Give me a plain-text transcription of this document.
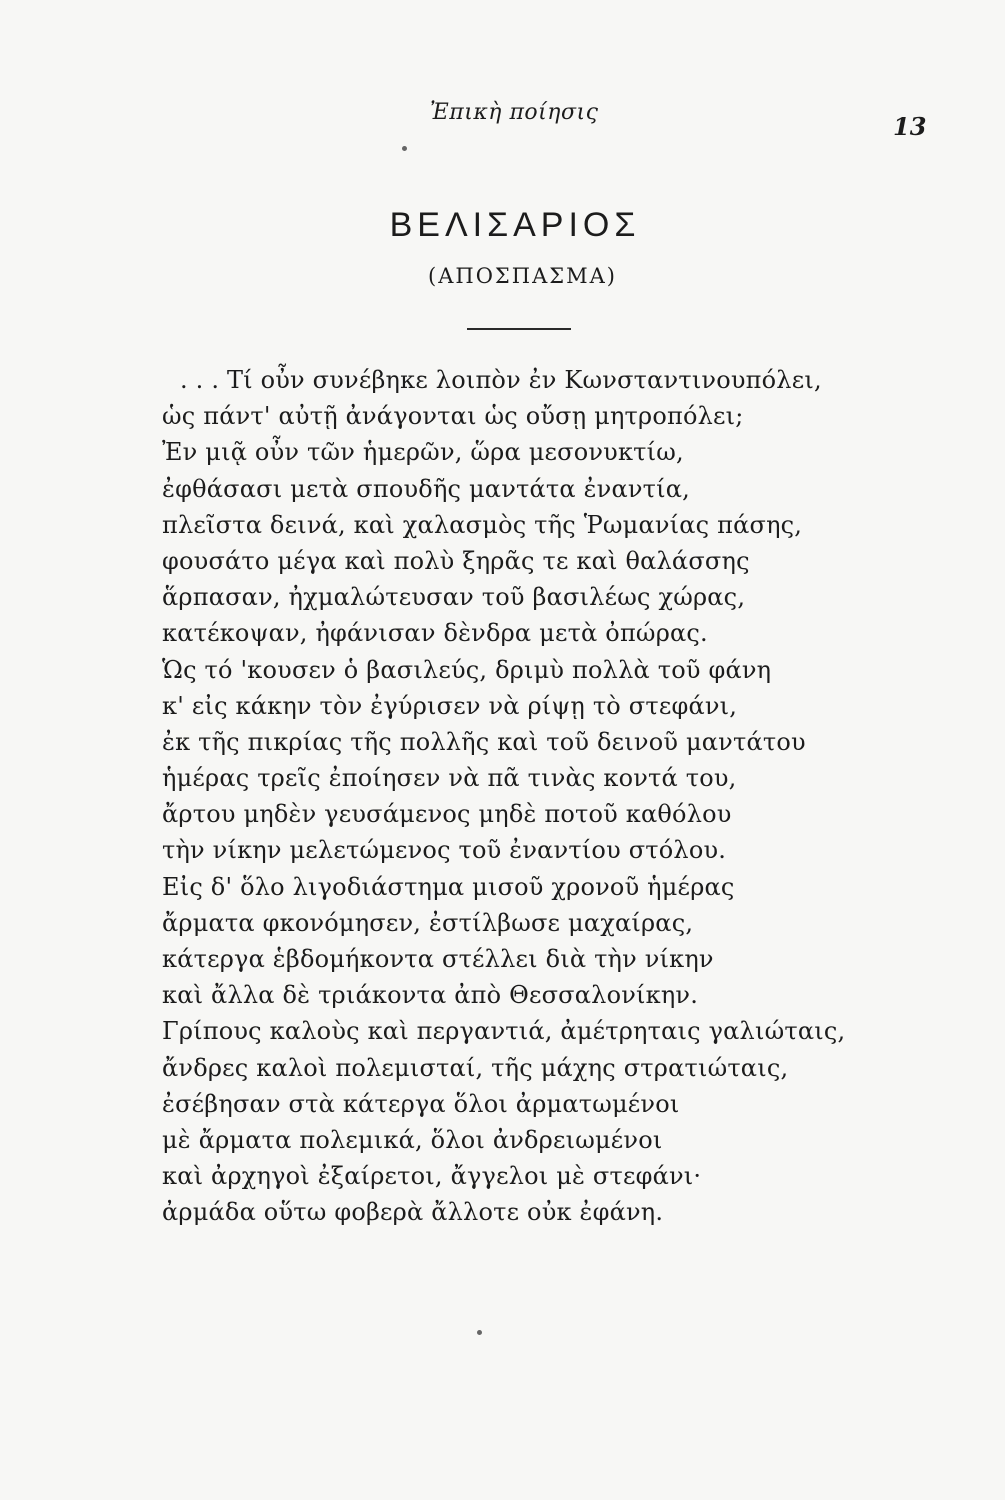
Ἐπικὴ ποίησις	13
ΒΕΛΙΣΑΡΙΟΣ
(ΑΠΟΣΠΑΣΜΑ)
. . . Τί οὖν συνέβηκε λοιπὸν ἐν Κωνσταντινουπόλει,
ὡς πάντ' αὐτῇ ἀνάγονται ὡς οὔσῃ μητροπόλει;
Ἐν μιᾷ οὖν τῶν ἡμερῶν, ὥρα μεσονυκτίω,
ἐφθάσασι μετὰ σπουδῆς μαντάτα ἐναντία,
πλεῖστα δεινά, καὶ χαλασμὸς τῆς Ῥωμανίας πάσης,
φουσάτο μέγα καὶ πολὺ ξηρᾶς τε καὶ θαλάσσης
ἅρπασαν, ἠχμαλώτευσαν τοῦ βασιλέως χώρας,
κατέκοψαν, ἠφάνισαν δὲνδρα μετὰ ὀπώρας.
Ὡς τό 'κουσεν ὁ βασιλεύς, δριμὺ πολλὰ τοῦ φάνη
κ' εἰς κάκην τὸν ἐγύρισεν νὰ ρίψῃ τὸ στεφάνι,
ἐκ τῆς πικρίας τῆς πολλῆς καὶ τοῦ δεινοῦ μαντάτου
ἡμέρας τρεῖς ἐποίησεν νὰ πᾶ τινὰς κοντά του,
ἄρτου μηδὲν γευσάμενος μηδὲ ποτοῦ καθόλου
τὴν νίκην μελετώμενος τοῦ ἐναντίου στόλου.
Εἰς δ' ὅλο λιγοδιάστημα μισοῦ χρονοῦ ἡμέρας
ἄρματα φκονόμησεν, ἐστίλβωσε μαχαίρας,
κάτεργα ἑβδομήκοντα στέλλει διὰ τὴν νίκην
καὶ ἄλλα δὲ τριάκοντα ἀπὸ Θεσσαλονίκην.
Γρίπους καλοὺς καὶ περγαντιά, ἀμέτρηταις γαλιώταις,
ἄνδρες καλοὶ πολεμισταί, τῆς μάχης στρατιώταις,
ἐσέβησαν στὰ κάτεργα ὅλοι ἀρματωμένοι
μὲ ἄρματα πολεμικά, ὅλοι ἀνδρειωμένοι
καὶ ἀρχηγοὶ ἐξαίρετοι, ἄγγελοι μὲ στεφάνι·
ἀρμάδα οὕτω φοβερὰ ἄλλοτε οὐκ ἐφάνη.
